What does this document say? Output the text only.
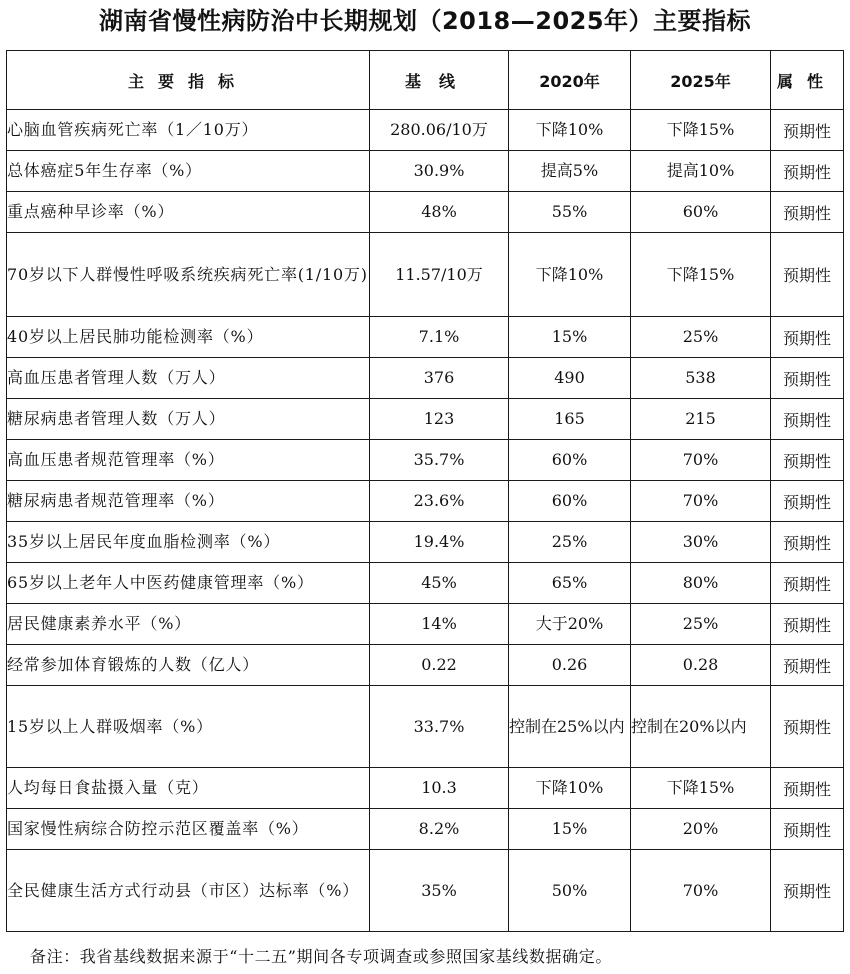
湖南省慢性病防治中长期规划（2018—2025年）主要指标
主要指标	基线	2020年	2025年	属性
心脑血管疾病死亡率（1／10万）	280.06/10万	下降10%	下降15%	预期性
总体癌症5年生存率（%）	30.9%	提高5%	提高10%	预期性
重点癌种早诊率（%）	48%	55%	60%	预期性
70岁以下人群慢性呼吸系统疾病死亡率(1/10万)	11.57/10万	下降10%	下降15%	预期性
40岁以上居民肺功能检测率（%）	7.1%	15%	25%	预期性
高血压患者管理人数（万人）	376	490	538	预期性
糖尿病患者管理人数（万人）	123	165	215	预期性
高血压患者规范管理率（%）	35.7%	60%	70%	预期性
糖尿病患者规范管理率（%）	23.6%	60%	70%	预期性
35岁以上居民年度血脂检测率（%）	19.4%	25%	30%	预期性
65岁以上老年人中医药健康管理率（%）	45%	65%	80%	预期性
居民健康素养水平（%）	14%	大于20%	25%	预期性
经常参加体育锻炼的人数（亿人）	0.22	0.26	0.28	预期性
15岁以上人群吸烟率（%）	33.7%	控制在25%以内	控制在20%以内	预期性
人均每日食盐摄入量（克）	10.3	下降10%	下降15%	预期性
国家慢性病综合防控示范区覆盖率（%）	8.2%	15%	20%	预期性
全民健康生活方式行动县（市区）达标率（%）	35%	50%	70%	预期性
备注：我省基线数据来源于“十二五”期间各专项调查或参照国家基线数据确定。
